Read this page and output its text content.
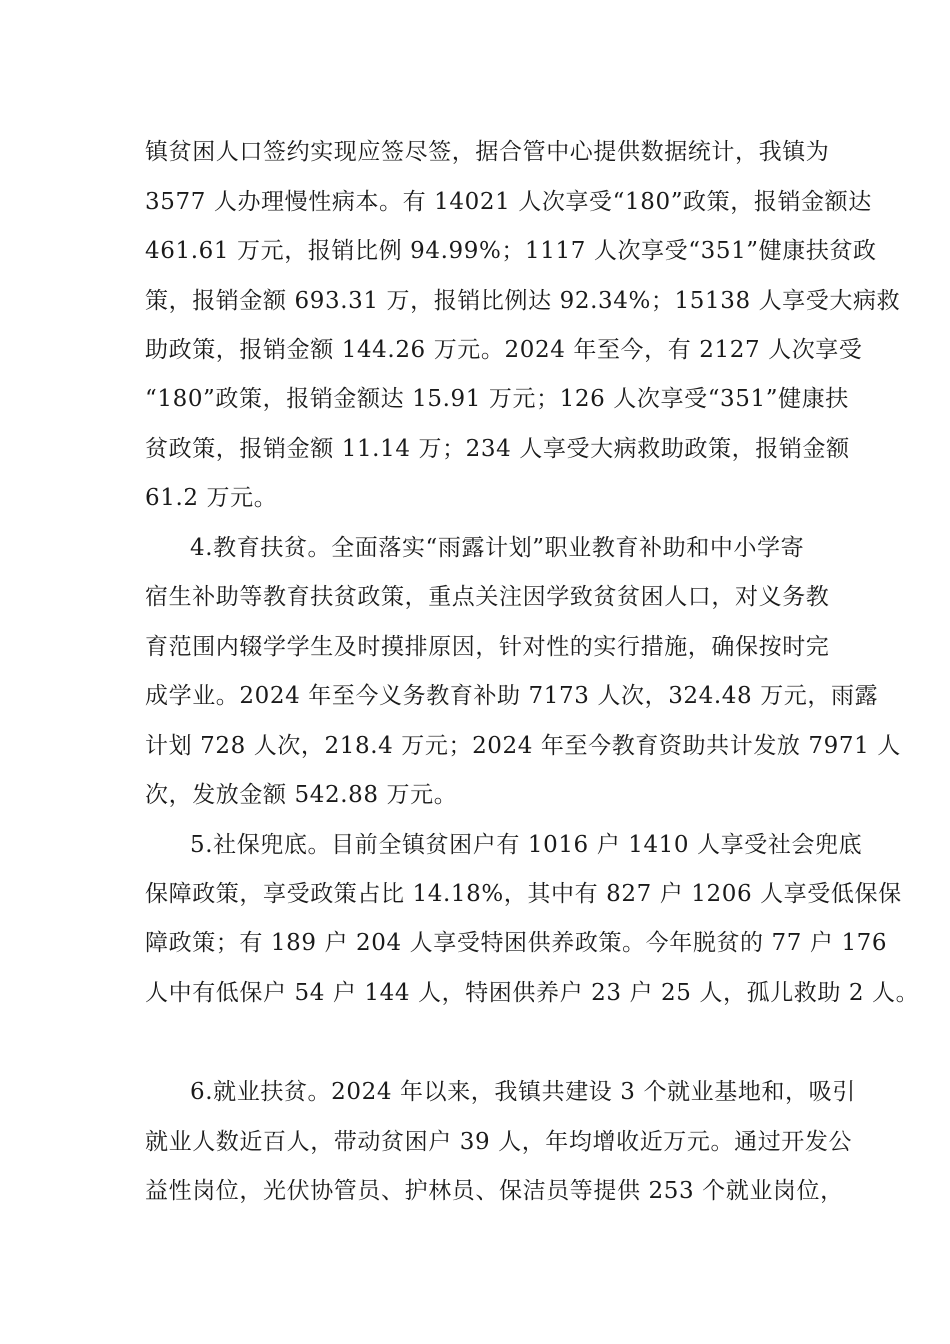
镇贫困人口签约实现应签尽签，据合管中心提供数据统计，我镇为
3577 人办理慢性病本。有 14021 人次享受“180”政策，报销金额达
461.61 万元，报销比例 94.99%；1117 人次享受“351”健康扶贫政
策，报销金额 693.31 万，报销比例达 92.34%；15138 人享受大病救
助政策，报销金额 144.26 万元。2024 年至今，有 2127 人次享受
“180”政策，报销金额达 15.91 万元；126 人次享受“351”健康扶
贫政策，报销金额 11.14 万；234 人享受大病救助政策，报销金额
61.2 万元。
4.教育扶贫。全面落实“雨露计划”职业教育补助和中小学寄
宿生补助等教育扶贫政策，重点关注因学致贫贫困人口，对义务教
育范围内辍学学生及时摸排原因，针对性的实行措施，确保按时完
成学业。2024 年至今义务教育补助 7173 人次，324.48 万元，雨露
计划 728 人次，218.4 万元；2024 年至今教育资助共计发放 7971 人
次，发放金额 542.88 万元。
5.社保兜底。目前全镇贫困户有 1016 户 1410 人享受社会兜底
保障政策，享受政策占比 14.18%，其中有 827 户 1206 人享受低保保
障政策；有 189 户 204 人享受特困供养政策。今年脱贫的 77 户 176
人中有低保户 54 户 144 人，特困供养户 23 户 25 人，孤儿救助 2 人。
6.就业扶贫。2024 年以来，我镇共建设 3 个就业基地和，吸引
就业人数近百人，带动贫困户 39 人，年均增收近万元。通过开发公
益性岗位，光伏协管员、护林员、保洁员等提供 253 个就业岗位，
